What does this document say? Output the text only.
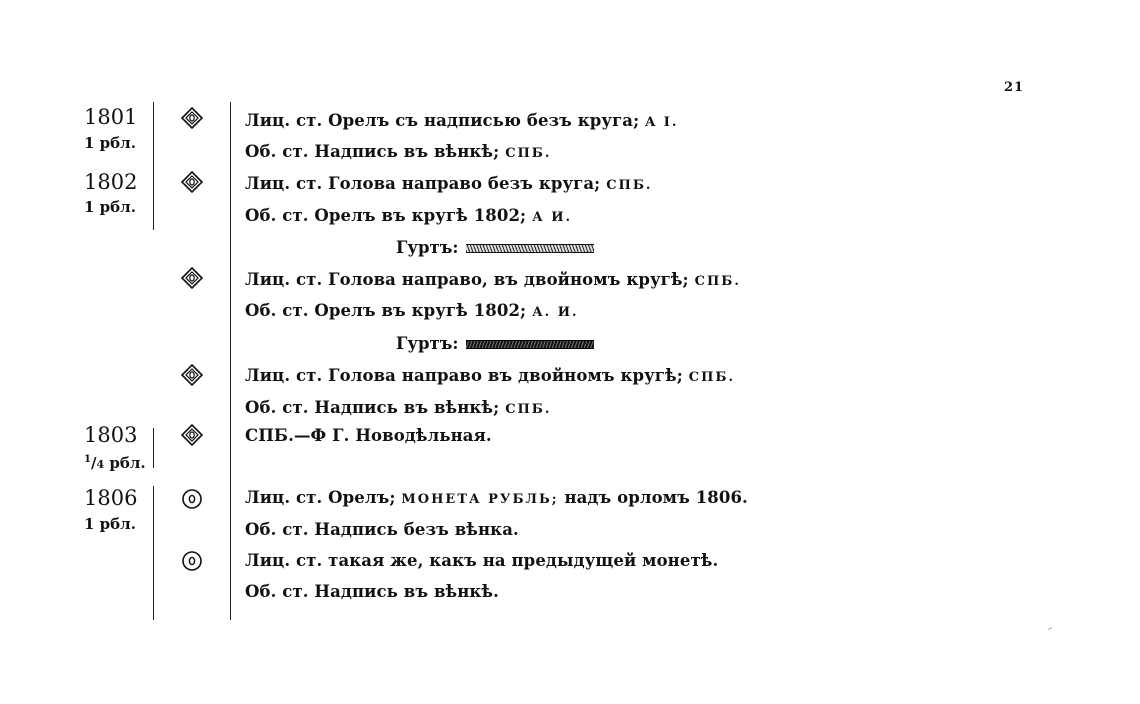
21
1801
1 рбл.
Лиц. ст. Орелъ съ надписью безъ круга; A I.
Об. ст. Надпись въ вѣнкѣ; СПБ.
1802
1 рбл.
Лиц. ст. Голова направо безъ круга; СПБ.
Об. ст. Орелъ въ кругѣ 1802; А И.
Гуртъ:
Лиц. ст. Голова направо, въ двойномъ кругѣ; СПБ.
Об. ст. Орелъ въ кругѣ 1802; А. И.
Гуртъ:
Лиц. ст. Голова направо въ двойномъ кругѣ; СПБ.
Об. ст. Надпись въ вѣнкѣ; СПБ.
1803
$^1$/4 рбл.
СПБ.—Ф Г. Новодѣльная.
1806
1 рбл.
Лиц. ст. Орелъ; МОНЕТА РУБЛЬ; надъ орломъ 1806.
Об. ст. Надпись безъ вѣнка.
Лиц. ст. такая же, какъ на предыдущей монетѣ.
Об. ст. Надпись въ вѣнкѣ.
